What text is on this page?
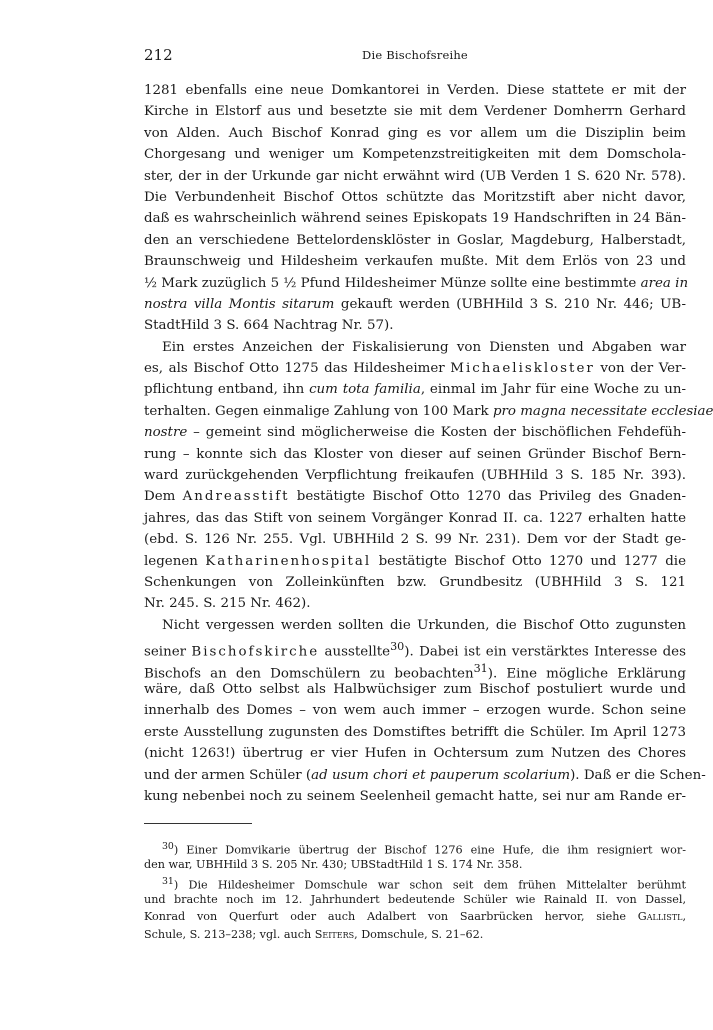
212	Die Bischofsreihe
1281 ebenfalls eine neue Domkantorei in Verden. Diese stattete er mit der
Kirche in Elstorf aus und besetzte sie mit dem Verdener Domherrn Gerhard
von Alden. Auch Bischof Konrad ging es vor allem um die Disziplin beim
Chorgesang und weniger um Kompetenzstreitigkeiten mit dem Domschola-
ster, der in der Urkunde gar nicht erwähnt wird (UB Verden 1 S. 620 Nr. 578).
Die Verbundenheit Bischof Ottos schützte das Moritzstift aber nicht davor,
daß es wahrscheinlich während seines Episkopats 19 Handschriften in 24 Bän-
den an verschiedene Bettelordensklöster in Goslar, Magdeburg, Halberstadt,
Braunschweig und Hildesheim verkaufen mußte. Mit dem Erlös von 23 und
½ Mark zuzüglich 5 ½ Pfund Hildesheimer Münze sollte eine bestimmte area in
nostra villa Montis sitarum gekauft werden (UBHHild 3 S. 210 Nr. 446; UB-
StadtHild 3 S. 664 Nachtrag Nr. 57).
Ein erstes Anzeichen der Fiskalisierung von Diensten und Abgaben war
es, als Bischof Otto 1275 das Hildesheimer Michaeliskloster von der Ver-
pflichtung entband, ihn cum tota familia, einmal im Jahr für eine Woche zu un-
terhalten. Gegen einmalige Zahlung von 100 Mark pro magna necessitate ecclesiae
nostre – gemeint sind möglicherweise die Kosten der bischöflichen Fehdefüh-
rung – konnte sich das Kloster von dieser auf seinen Gründer Bischof Bern-
ward zurückgehenden Verpflichtung freikaufen (UBHHild 3 S. 185 Nr. 393).
Dem Andreasstift bestätigte Bischof Otto 1270 das Privileg des Gnaden-
jahres, das das Stift von seinem Vorgänger Konrad II. ca. 1227 erhalten hatte
(ebd. S. 126 Nr. 255. Vgl. UBHHild 2 S. 99 Nr. 231). Dem vor der Stadt ge-
legenen Katharinenhospital bestätigte Bischof Otto 1270 und 1277 die
Schenkungen von Zolleinkünften bzw. Grundbesitz (UBHHild 3 S. 121
Nr. 245. S. 215 Nr. 462).
Nicht vergessen werden sollten die Urkunden, die Bischof Otto zugunsten
seiner Bischofskirche ausstellte$^{30}$). Dabei ist ein verstärktes Interesse des
Bischofs an den Domschülern zu beobachten$^{31}$). Eine mögliche Erklärung
wäre, daß Otto selbst als Halbwüchsiger zum Bischof postuliert wurde und
innerhalb des Domes – von wem auch immer – erzogen wurde. Schon seine
erste Ausstellung zugunsten des Domstiftes betrifft die Schüler. Im April 1273
(nicht 1263!) übertrug er vier Hufen in Ochtersum zum Nutzen des Chores
und der armen Schüler (ad usum chori et pauperum scolarium). Daß er die Schen-
kung nebenbei noch zu seinem Seelenheil gemacht hatte, sei nur am Rande er-
$^{30}$) Einer Domvikarie übertrug der Bischof 1276 eine Hufe, die ihm resigniert wor-
den war, UBHHild 3 S. 205 Nr. 430; UBStadtHild 1 S. 174 Nr. 358.
$^{31}$) Die Hildesheimer Domschule war schon seit dem frühen Mittelalter berühmt
und brachte noch im 12. Jahrhundert bedeutende Schüler wie Rainald II. von Dassel,
Konrad von Querfurt oder auch Adalbert von Saarbrücken hervor, siehe Gallistl,
Schule, S. 213–238; vgl. auch Seiters, Domschule, S. 21–62.
